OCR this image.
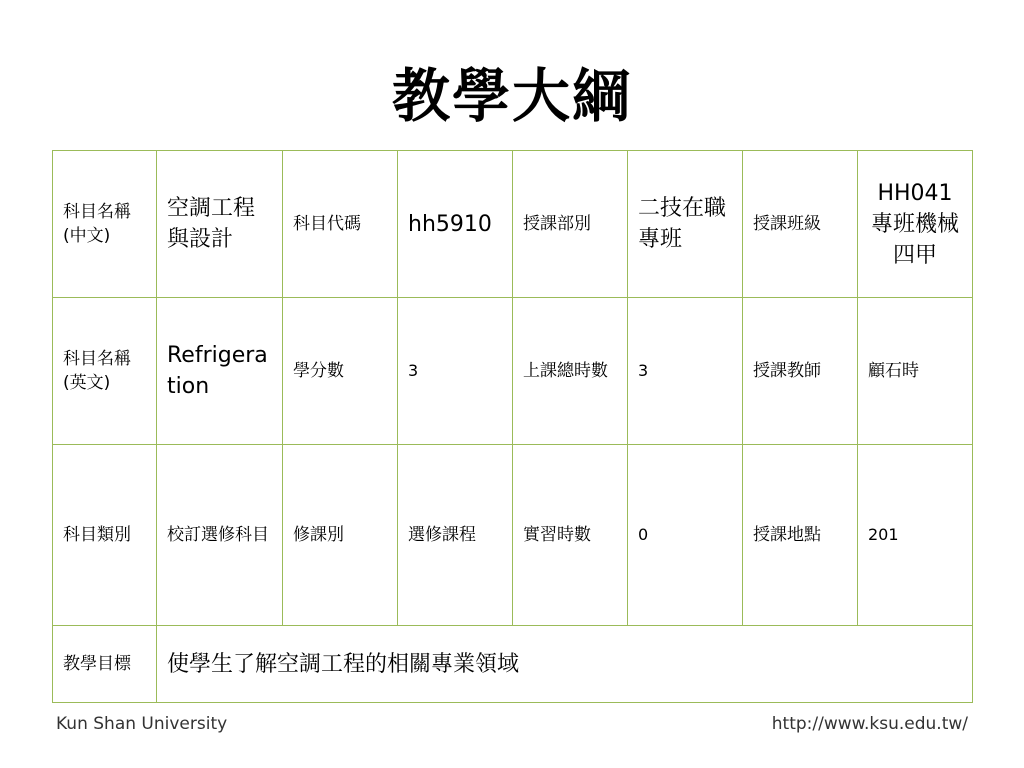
教學大綱
科目名稱(中文)	空調工程與設計	科目代碼	hh5910	授課部別	二技在職專班	授課班級	HH041專班機械四甲
科目名稱(英文)	Refrigeration	學分數	3	上課總時數	3	授課教師	顧石時
科目類別	校訂選修科目	修課別	選修課程	實習時數	0	授課地點	201
教學目標	使學生了解空調工程的相關專業領域						
Kun Shan University	http://www.ksu.edu.tw/
